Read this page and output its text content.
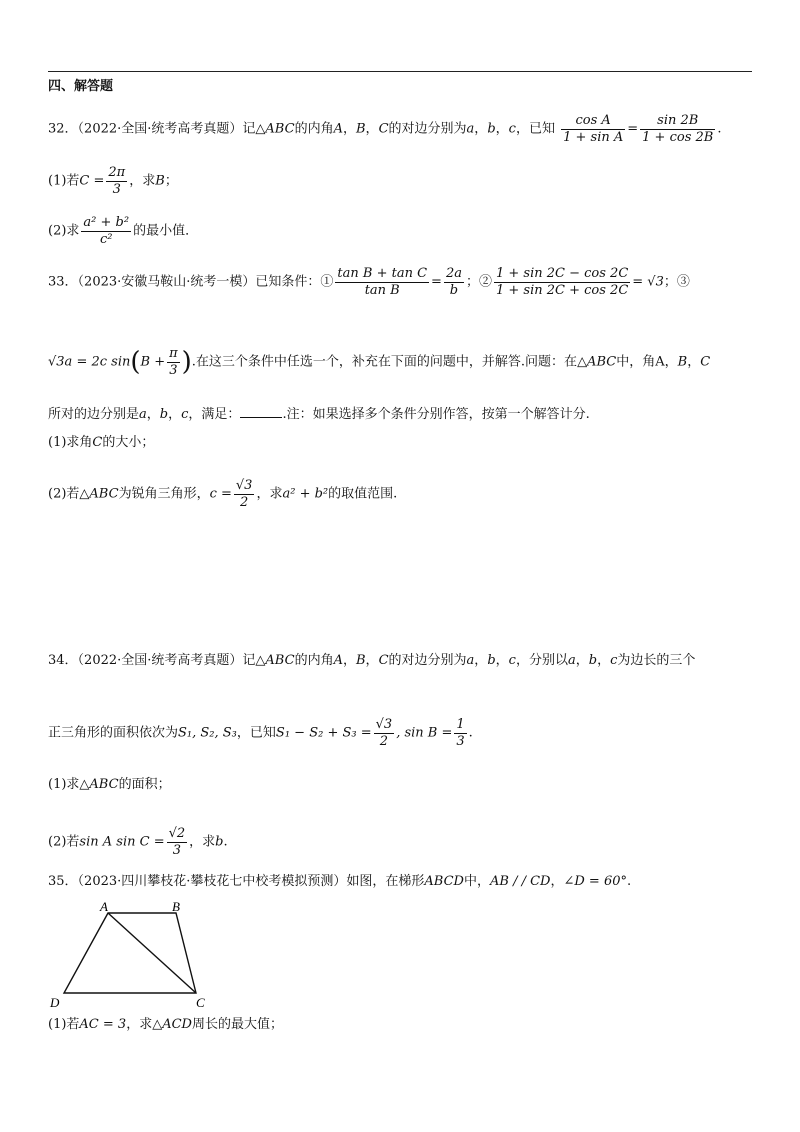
四、解答题
32．（2022·全国·统考高考真题）记△ABC的内角A，B，C的对边分别为a，b，c，已知 $\frac{\text{cos A}}{\text{1 + sin A}} = \frac{\sin 2B}{1 + \cos 2B}$ .
(1)若$C = \frac{2\pi}{3}$ ，求B；
(2)求 $\frac{\text{a² + b²}}{\text{c²}}$ 的最小值．
33．（2023·安徽马鞍山·统考一模）已知条件：① $\frac{\text{tan B + tan C}}{\text{tan B}} = \frac{2a}{b}$ ；② $\frac{1 + \sin 2C - \cos 2C}{1 + \sin 2C + \cos 2C} = √3$；③
√3a = 2c $\sin(B + \frac{\pi}{3}$ ).在这三个条件中任选一个，补充在下面的问题中，并解答.问题：在△ABC中，角A，B，C
所对的边分别是a，b，c，满足：	.注：如果选择多个条件分别作答，按第一个解答计分.
(1)求角C的大小；
(2)若△ABC为锐角三角形，$c = \frac{√3}{2}$ ，求a² + b²的取值范围.
34．（2022·全国·统考高考真题）记△ABC的内角A，B，C的对边分别为a，b，c，分别以a，b，c为边长的三个
正三角形的面积依次为S₁, S₂, S₃，已知$S_1 - S_2 + S_3 = \frac{√3}{2}$ , $\sin B = \frac{1}{3}$ .
(1)求△ABC的面积；
(2)若sin A $\sin C = \frac{√2}{3}$ ，求b.
35．（2023·四川攀枝花·攀枝花七中校考模拟预测）如图，在梯形ABCD中，AB / / CD，∠D = 60°.
A	B
C
D
(1)若AC = 3，求△ACD周长的最大值；
